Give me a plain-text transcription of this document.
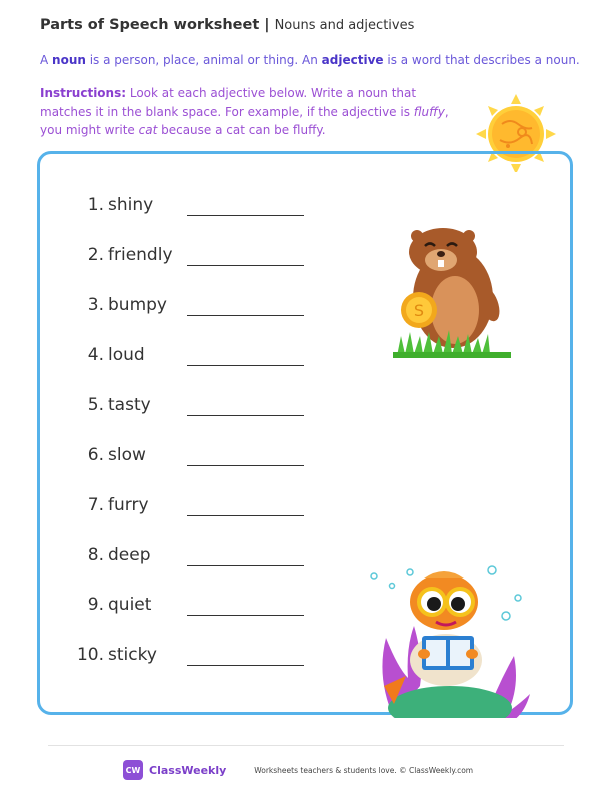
Parts of Speech worksheet | Nouns and adjectives
A noun is a person, place, animal or thing. An adjective is a word that describes a noun.
Instructions: Look at each adjective below. Write a noun that matches it in the blank space. For example, if the adjective is fluffy, you might write cat because a cat can be fluffy.
1. shiny
2. friendly
3. bumpy
4. loud
5. tasty
6. slow
7. furry
8. deep
9. quiet
10. sticky
S
CW ClassWeekly	Worksheets teachers & students love. © ClassWeekly.com
